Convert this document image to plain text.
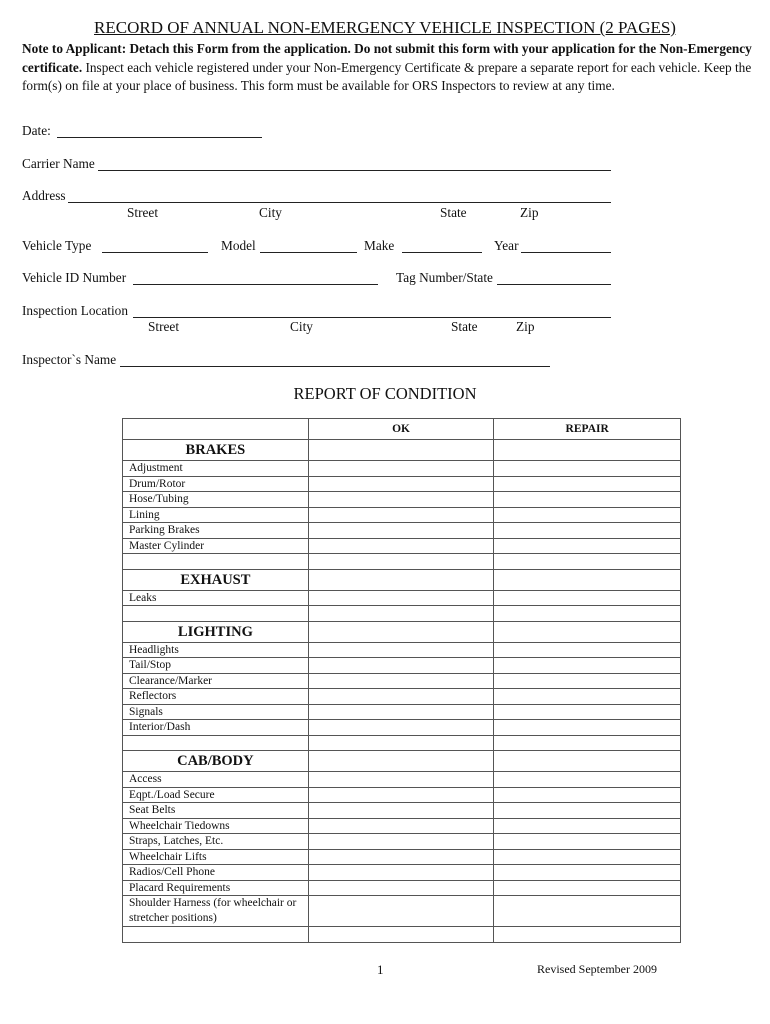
RECORD OF ANNUAL NON-EMERGENCY VEHICLE INSPECTION (2 PAGES)
Note to Applicant: Detach this Form from the application. Do not submit this form with your application for the Non-Emergency certificate. Inspect each vehicle registered under your Non-Emergency Certificate & prepare a separate report for each vehicle. Keep the form(s) on file at your place of business. This form must be available for ORS Inspectors to review at any time.
Date:
Carrier Name
Address
Street	City	State	Zip
Vehicle Type	Model	Make	Year
Vehicle ID Number	Tag Number/State
Inspection Location
Street	City	State	Zip
Inspector`s Name
REPORT OF CONDITION
	OK	REPAIR
BRAKES		
Adjustment		
Drum/Rotor		
Hose/Tubing		
Lining		
Parking Brakes		
Master Cylinder		

EXHAUST		
Leaks		

LIGHTING		
Headlights		
Tail/Stop		
Clearance/Marker		
Reflectors		
Signals		
Interior/Dash		

CAB/BODY		
Access		
Eqpt./Load Secure		
Seat Belts		
Wheelchair Tiedowns		
Straps, Latches, Etc.		
Wheelchair Lifts		
Radios/Cell Phone		
Placard Requirements		
Shoulder Harness (for wheelchair or stretcher positions)		

1	Revised September 2009
